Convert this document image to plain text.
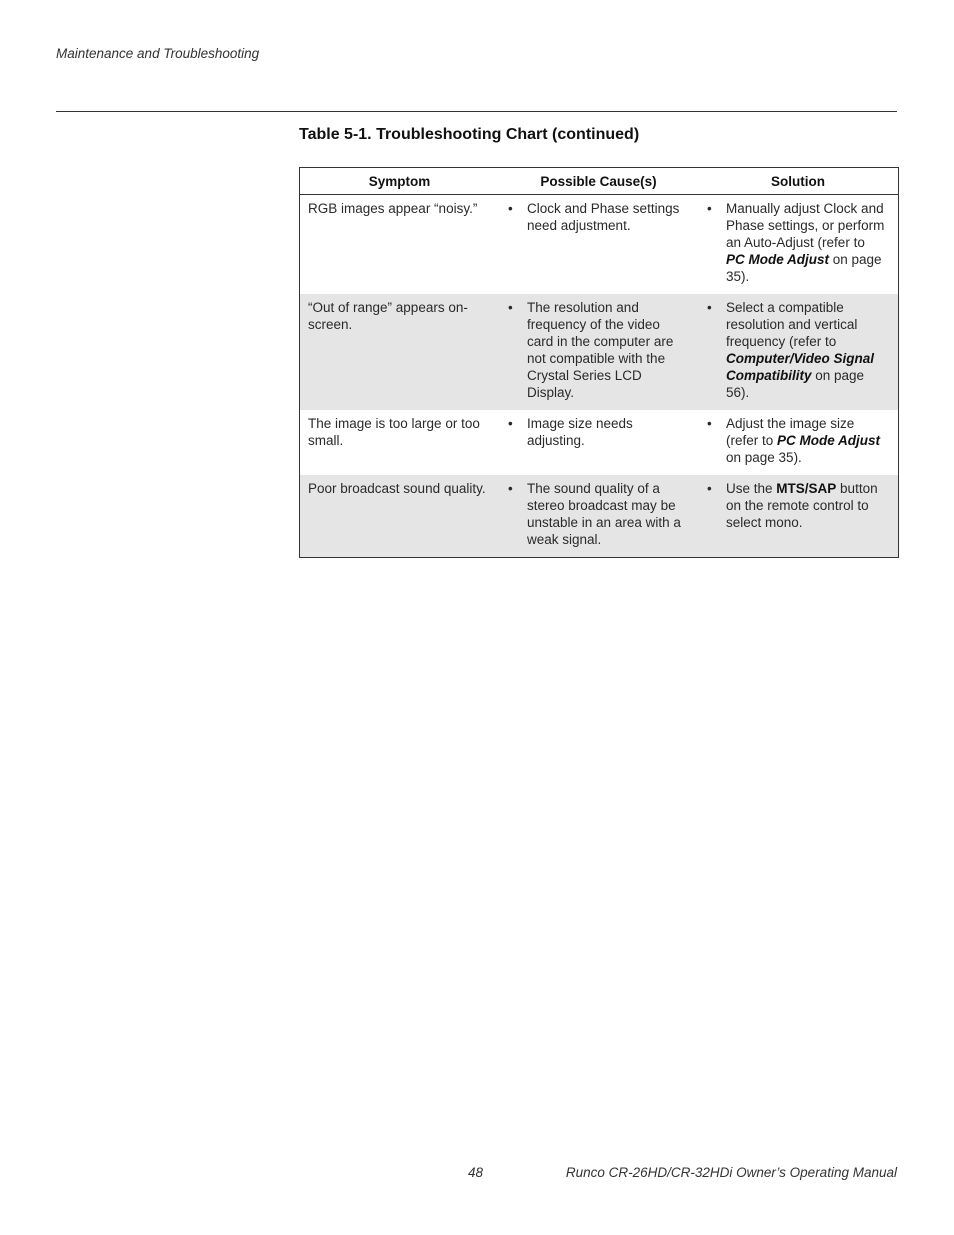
Maintenance and Troubleshooting
Table 5-1. Troubleshooting Chart (continued)
Symptom	Possible Cause(s)	Solution

RGB images appear “noisy.”	• Clock and Phase settings need adjustment.	• Manually adjust Clock and Phase settings, or perform an Auto-Adjust (refer to PC Mode Adjust on page 35).

“Out of range” appears on-screen.	• The resolution and frequency of the video card in the computer are not compatible with the Crystal Series LCD Display.	• Select a compatible resolution and vertical frequency (refer to Computer/Video Signal Compatibility on page 56).

The image is too large or too small.	• Image size needs adjusting.	• Adjust the image size (refer to PC Mode Adjust on page 35).

Poor broadcast sound quality.	• The sound quality of a stereo broadcast may be unstable in an area with a weak signal.	• Use the MTS/SAP button on the remote control to select mono.
48	Runco CR-26HD/CR-32HDi Owner’s Operating Manual
